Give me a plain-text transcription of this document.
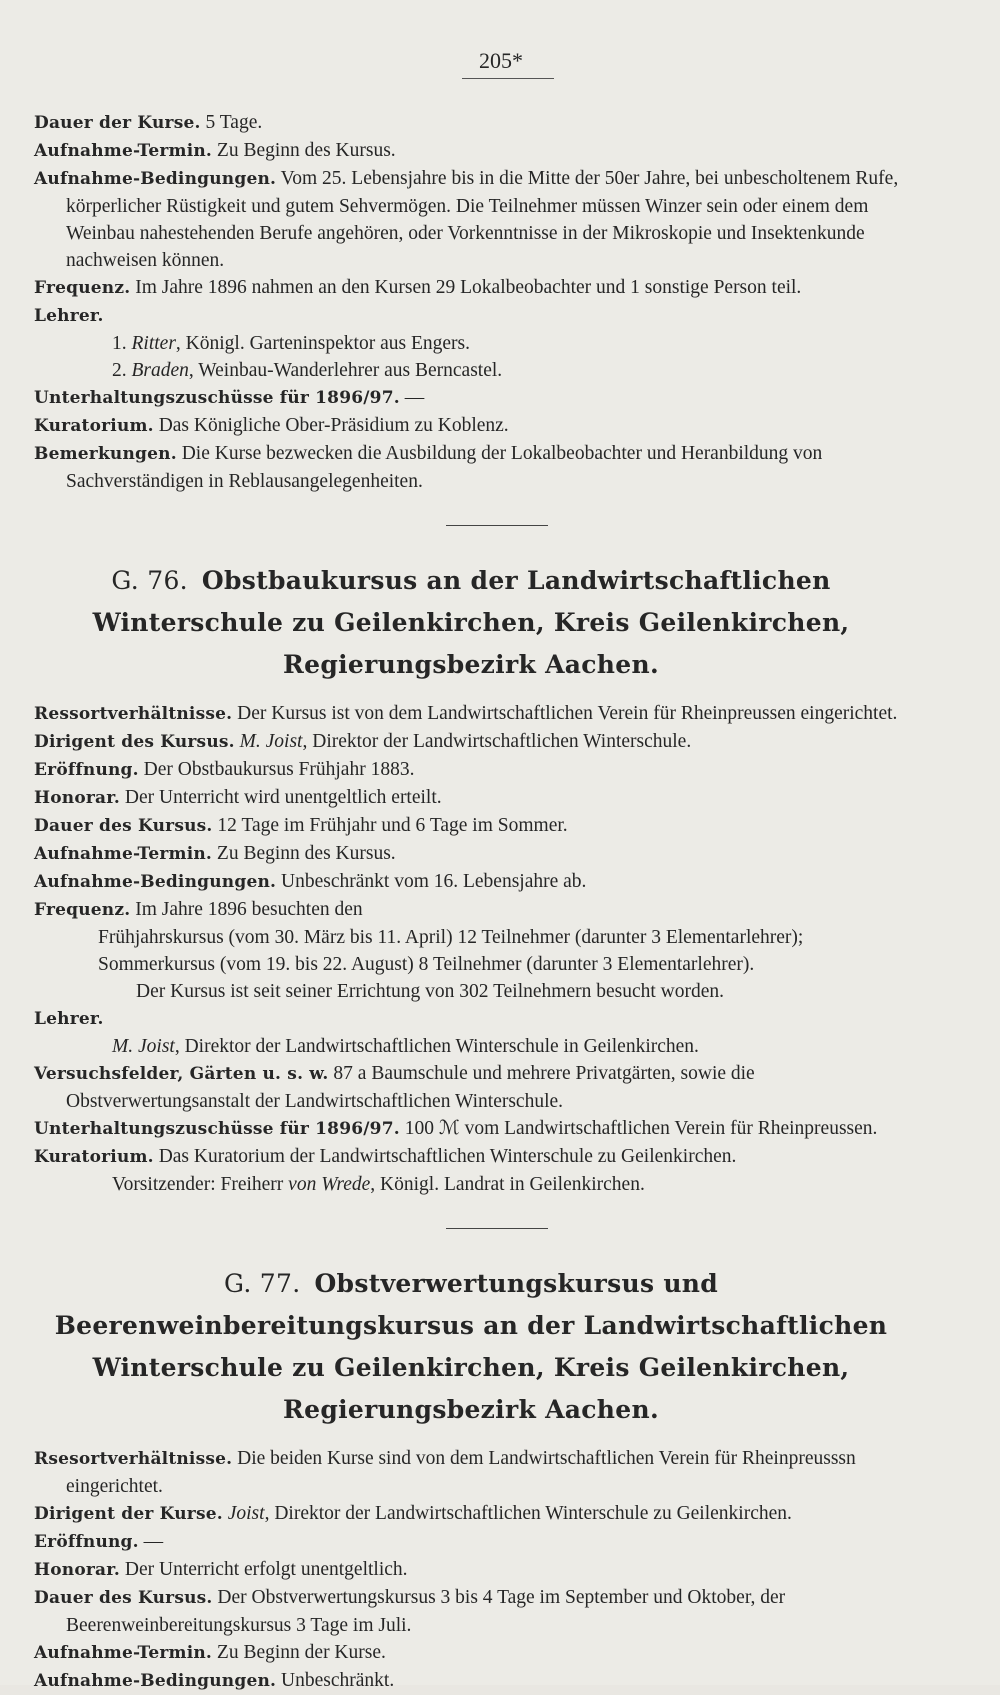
205*

Dauer der Kurse. 5 Tage.

Aufnahme-Termin. Zu Beginn des Kursus.

Aufnahme-Bedingungen. Vom 25. Lebensjahre bis in die Mitte der 50er Jahre, bei unbescholtenem Rufe, körperlicher Rüstigkeit und gutem Sehvermögen. Die Teilnehmer müssen Winzer sein oder einem dem Weinbau nahestehenden Berufe angehören, oder Vorkenntnisse in der Mikroskopie und Insektenkunde nachweisen können.

Frequenz. Im Jahre 1896 nahmen an den Kursen 29 Lokalbeobachter und 1 sonstige Person teil.

Lehrer.

1. Ritter, Königl. Garteninspektor aus Engers.

2. Braden, Weinbau-Wanderlehrer aus Berncastel.

Unterhaltungszuschüsse für 1896/97. —

Kuratorium. Das Königliche Ober-Präsidium zu Koblenz.

Bemerkungen. Die Kurse bezwecken die Ausbildung der Lokalbeobachter und Heranbildung von Sachverständigen in Reblausangelegenheiten.

G. 76. Obstbaukursus an der Landwirtschaftlichen Winterschule zu Geilenkirchen, Kreis Geilenkirchen, Regierungsbezirk Aachen.

Ressortverhältnisse. Der Kursus ist von dem Landwirtschaftlichen Verein für Rheinpreussen eingerichtet.

Dirigent des Kursus. M. Joist, Direktor der Landwirtschaftlichen Winterschule.

Eröffnung. Der Obstbaukursus Frühjahr 1883.

Honorar. Der Unterricht wird unentgeltlich erteilt.

Dauer des Kursus. 12 Tage im Frühjahr und 6 Tage im Sommer.

Aufnahme-Termin. Zu Beginn des Kursus.

Aufnahme-Bedingungen. Unbeschränkt vom 16. Lebensjahre ab.

Frequenz. Im Jahre 1896 besuchten den

Frühjahrskursus (vom 30. März bis 11. April) 12 Teilnehmer (darunter 3 Elementarlehrer);

Sommerkursus (vom 19. bis 22. August) 8 Teilnehmer (darunter 3 Elementarlehrer).

Der Kursus ist seit seiner Errichtung von 302 Teilnehmern besucht worden.

Lehrer.

M. Joist, Direktor der Landwirtschaftlichen Winterschule in Geilenkirchen.

Versuchsfelder, Gärten u. s. w. 87 a Baumschule und mehrere Privatgärten, sowie die Obstverwertungsanstalt der Landwirtschaftlichen Winterschule.

Unterhaltungszuschüsse für 1896/97. 100 ℳ vom Landwirtschaftlichen Verein für Rheinpreussen.

Kuratorium. Das Kuratorium der Landwirtschaftlichen Winterschule zu Geilenkirchen.

Vorsitzender: Freiherr von Wrede, Königl. Landrat in Geilenkirchen.

G. 77. Obstverwertungskursus und Beerenweinbereitungskursus an der Landwirtschaftlichen Winterschule zu Geilenkirchen, Kreis Geilenkirchen, Regierungsbezirk Aachen.

Rsesortverhältnisse. Die beiden Kurse sind von dem Landwirtschaftlichen Verein für Rheinpreusssn eingerichtet.

Dirigent der Kurse. Joist, Direktor der Landwirtschaftlichen Winterschule zu Geilenkirchen.

Eröffnung. —

Honorar. Der Unterricht erfolgt unentgeltlich.

Dauer des Kursus. Der Obstverwertungskursus 3 bis 4 Tage im September und Oktober, der Beerenweinbereitungskursus 3 Tage im Juli.

Aufnahme-Termin. Zu Beginn der Kurse.

Aufnahme-Bedingungen. Unbeschränkt.
